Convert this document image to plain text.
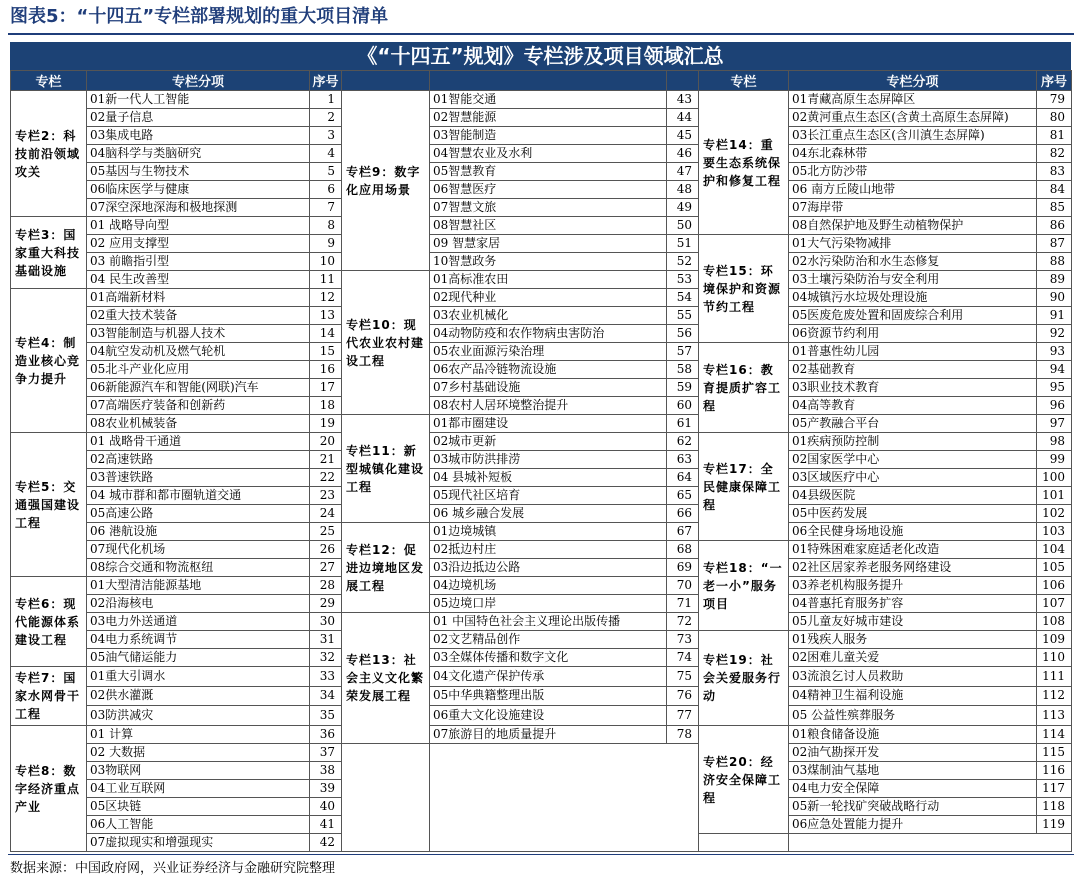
图表5：“十四五”专栏部署规划的重大项目清单
《“十四五”规划》专栏涉及项目领域汇总
专栏	专栏分项	序号				专栏	专栏分项	序号
专栏2：科技前沿领域攻关	01新一代人工智能	1	专栏9：数字化应用场景	01智能交通	43	专栏14：重要生态系统保护和修复工程	01青藏高原生态屏障区	79
	02量子信息	2		02智慧能源	44		02黄河重点生态区(含黄土高原生态屏障)	80
	03集成电路	3		03智能制造	45		03长江重点生态区(含川滇生态屏障)	81
	04脑科学与类脑研究	4		04智慧农业及水利	46		04东北森林带	82
	05基因与生物技术	5		05智慧教育	47		05北方防沙带	83
	06临床医学与健康	6		06智慧医疗	48		06 南方丘陵山地带	84
	07深空深地深海和极地探测	7		07智慧文旅	49		07海岸带	85
专栏3：国家重大科技基础设施	01 战略导向型	8		08智慧社区	50		08自然保护地及野生动植物保护	86
	02 应用支撑型	9		09 智慧家居	51	专栏15：环境保护和资源节约工程	01大气污染物减排	87
	03 前瞻指引型	10		10智慧政务	52		02水污染防治和水生态修复	88
	04 民生改善型	11	专栏10：现代农业农村建设工程	01高标准农田	53		03土壤污染防治与安全利用	89
专栏4：制造业核心竞争力提升	01高端新材料	12		02现代种业	54		04城镇污水垃圾处理设施	90
	02重大技术装备	13		03农业机械化	55		05医废危废处置和固废综合利用	91
	03智能制造与机器人技术	14		04动物防疫和农作物病虫害防治	56		06资源节约利用	92
	04航空发动机及燃气轮机	15		05农业面源污染治理	57	专栏16：教育提质扩容工程	01普惠性幼儿园	93
	05北斗产业化应用	16		06农产品冷链物流设施	58		02基础教育	94
	06新能源汽车和智能(网联)汽车	17		07乡村基础设施	59		03职业技术教育	95
	07高端医疗装备和创新药	18		08农村人居环境整治提升	60		04高等教育	96
	08农业机械装备	19	专栏11：新型城镇化建设工程	01都市圈建设	61		05产教融合平台	97
专栏5：交通强国建设工程	01 战略骨干通道	20		02城市更新	62	专栏17：全民健康保障工程	01疾病预防控制	98
	02高速铁路	21		03城市防洪排涝	63		02国家医学中心	99
	03普速铁路	22		04 县城补短板	64		03区域医疗中心	100
	04 城市群和都市圈轨道交通	23		05现代社区培育	65		04县级医院	101
	05高速公路	24		06 城乡融合发展	66		05中医药发展	102
	06 港航设施	25	专栏12：促进边境地区发展工程	01边境城镇	67		06全民健身场地设施	103
	07现代化机场	26		02抵边村庄	68	专栏18：“一老一小”服务项目	01特殊困难家庭适老化改造	104
	08综合交通和物流枢纽	27		03沿边抵边公路	69		02社区居家养老服务网络建设	105
专栏6：现代能源体系建设工程	01大型清洁能源基地	28		04边境机场	70		03养老机构服务提升	106
	02沿海核电	29		05边境口岸	71		04普惠托育服务扩容	107
	03电力外送通道	30	专栏13：社会主义文化繁荣发展工程	01 中国特色社会主义理论出版传播	72		05儿童友好城市建设	108
	04电力系统调节	31		02文艺精品创作	73	专栏19：社会关爱服务行动	01残疾人服务	109
	05油气储运能力	32		03全媒体传播和数字文化	74		02困难儿童关爱	110
专栏7：国家水网骨干工程	01重大引调水	33		04文化遗产保护传承	75		03流浪乞讨人员救助	111
	02供水灌溉	34		05中华典籍整理出版	76		04精神卫生福利设施	112
	03防洪减灾	35		06重大文化设施建设	77		05 公益性殡葬服务	113
专栏8：数字经济重点产业	01 计算	36		07旅游目的地质量提升	78	专栏20：经济安全保障工程	01粮食储备设施	114
	02 大数据	37					02油气勘探开发	115
	03物联网	38					03煤制油气基地	116
	04工业互联网	39					04电力安全保障	117
	05区块链	40					05新一轮找矿突破战略行动	118
	06人工智能	41					06应急处置能力提升	119
	07虚拟现实和增强现实	42						
数据来源：中国政府网，兴业证券经济与金融研究院整理
